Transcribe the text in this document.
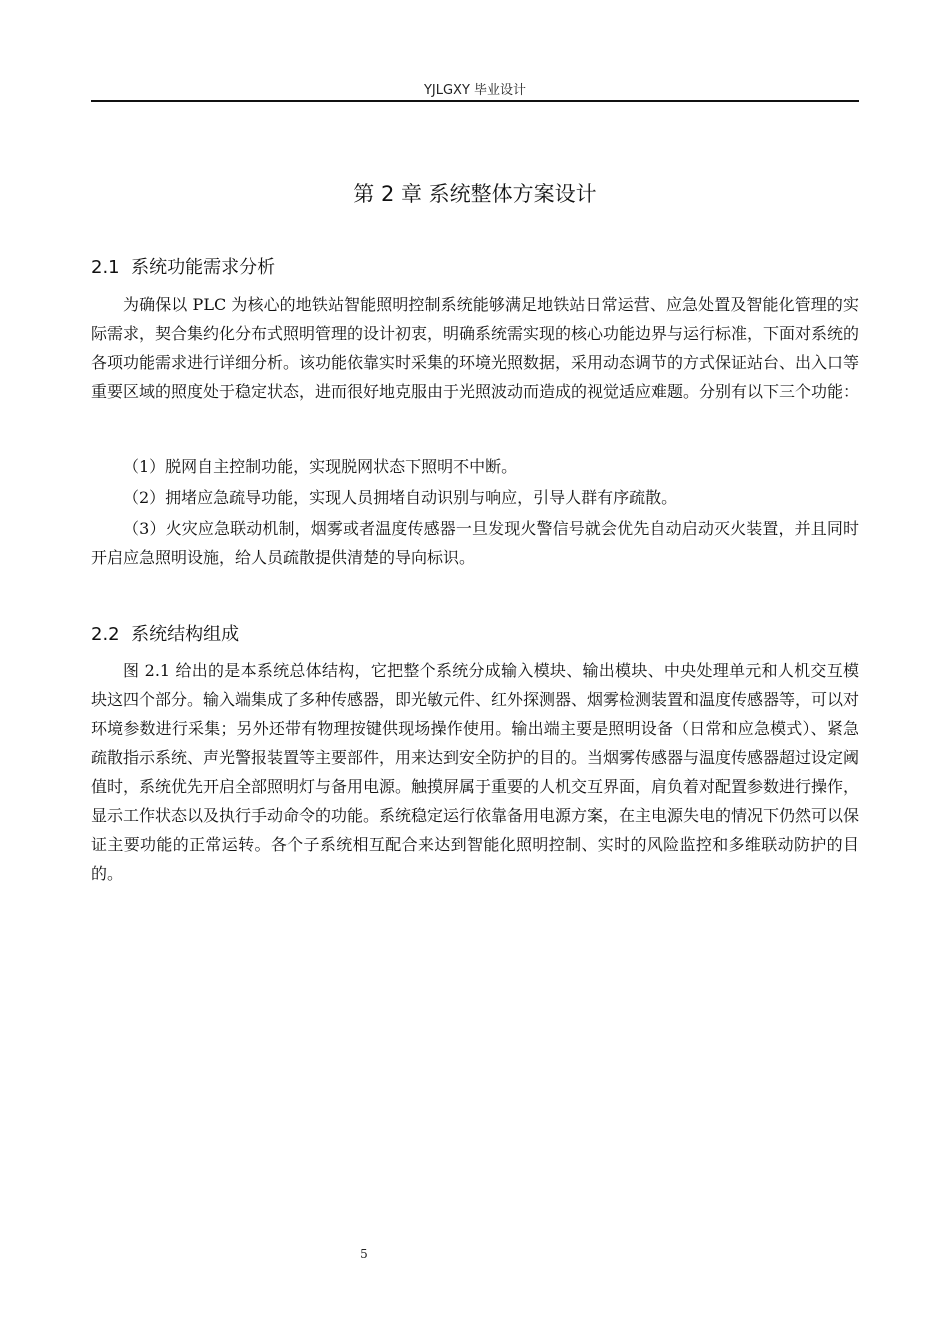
YJLGXY 毕业设计
第 2 章 系统整体方案设计
2.1  系统功能需求分析

为确保以 PLC 为核心的地铁站智能照明控制系统能够满足地铁站日常运营、应急处置及智能化管理的实际需求，契合集约化分布式照明管理的设计初衷，明确系统需实现的核心功能边界与运行标准，下面对系统的各项功能需求进行详细分析。该功能依靠实时采集的环境光照数据，采用动态调节的方式保证站台、出入口等重要区域的照度处于稳定状态，进而很好地克服由于光照波动而造成的视觉适应难题。分别有以下三个功能：

（1）脱网自主控制功能，实现脱网状态下照明不中断。

（2）拥堵应急疏导功能，实现人员拥堵自动识别与响应，引导人群有序疏散。

（3）火灾应急联动机制，烟雾或者温度传感器一旦发现火警信号就会优先自动启动灭火装置，并且同时开启应急照明设施，给人员疏散提供清楚的导向标识。

2.2  系统结构组成

图 2.1 给出的是本系统总体结构，它把整个系统分成输入模块、输出模块、中央处理单元和人机交互模块这四个部分。输入端集成了多种传感器，即光敏元件、红外探测器、烟雾检测装置和温度传感器等，可以对环境参数进行采集；另外还带有物理按键供现场操作使用。输出端主要是照明设备（日常和应急模式）、紧急疏散指示系统、声光警报装置等主要部件，用来达到安全防护的目的。当烟雾传感器与温度传感器超过设定阈值时，系统优先开启全部照明灯与备用电源。触摸屏属于重要的人机交互界面，肩负着对配置参数进行操作，显示工作状态以及执行手动命令的功能。系统稳定运行依靠备用电源方案，在主电源失电的情况下仍然可以保证主要功能的正常运转。各个子系统相互配合来达到智能化照明控制、实时的风险监控和多维联动防护的目的。

5
